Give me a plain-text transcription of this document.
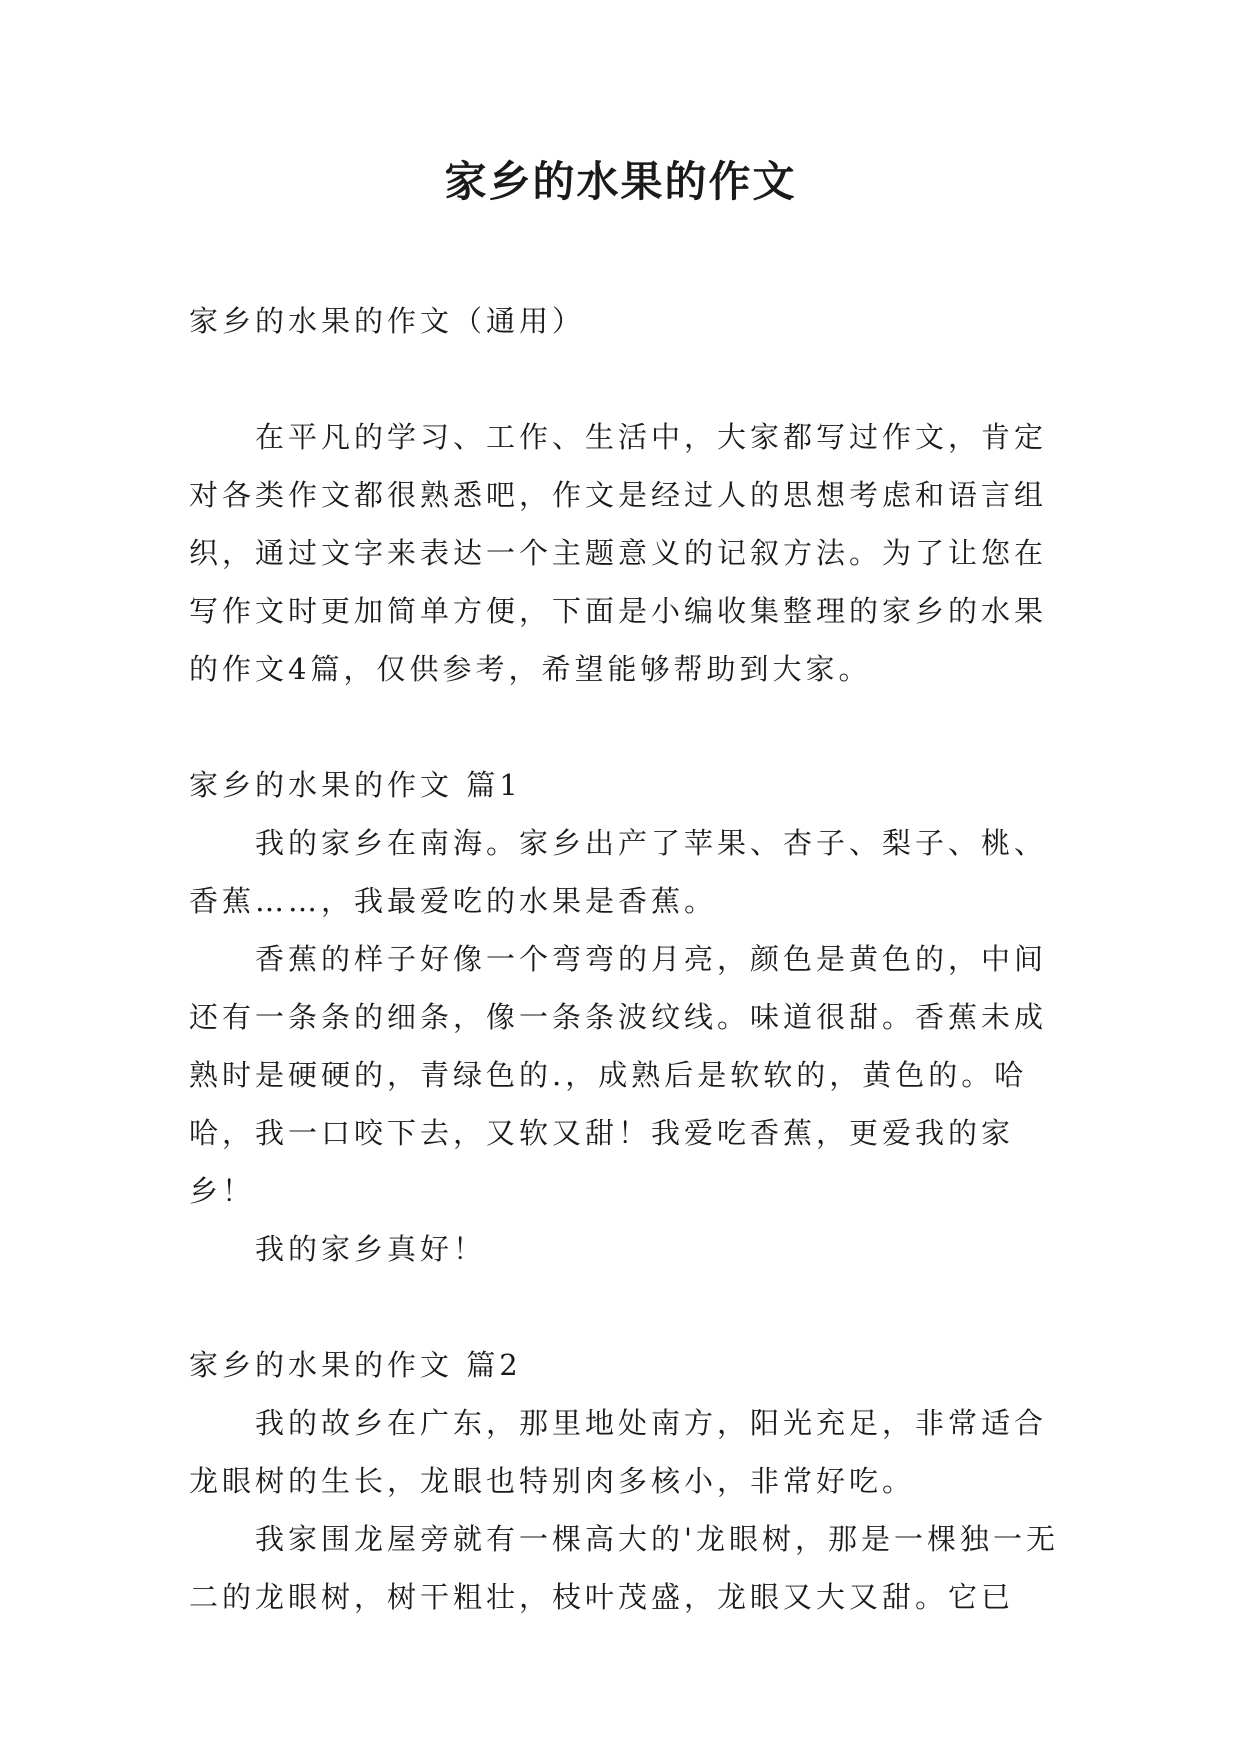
家乡的水果的作文

家乡的水果的作文（通用）

在平凡的学习、工作、生活中，大家都写过作文，肯定对各类作文都很熟悉吧，作文是经过人的思想考虑和语言组织，通过文字来表达一个主题意义的记叙方法。为了让您在写作文时更加简单方便，下面是小编收集整理的家乡的水果的作文4篇，仅供参考，希望能够帮助到大家。

家乡的水果的作文 篇1

我的家乡在南海。家乡出产了苹果、杏子、梨子、桃、香蕉……，我最爱吃的水果是香蕉。

香蕉的样子好像一个弯弯的月亮，颜色是黄色的，中间还有一条条的细条，像一条条波纹线。味道很甜。香蕉未成熟时是硬硬的，青绿色的.，成熟后是软软的，黄色的。哈哈，我一口咬下去，又软又甜！我爱吃香蕉，更爱我的家乡！

我的家乡真好！

家乡的水果的作文 篇2

我的故乡在广东，那里地处南方，阳光充足，非常适合龙眼树的生长，龙眼也特别肉多核小，非常好吃。

我家围龙屋旁就有一棵高大的'龙眼树，那是一棵独一无二的龙眼树，树干粗壮，枝叶茂盛，龙眼又大又甜。它已
